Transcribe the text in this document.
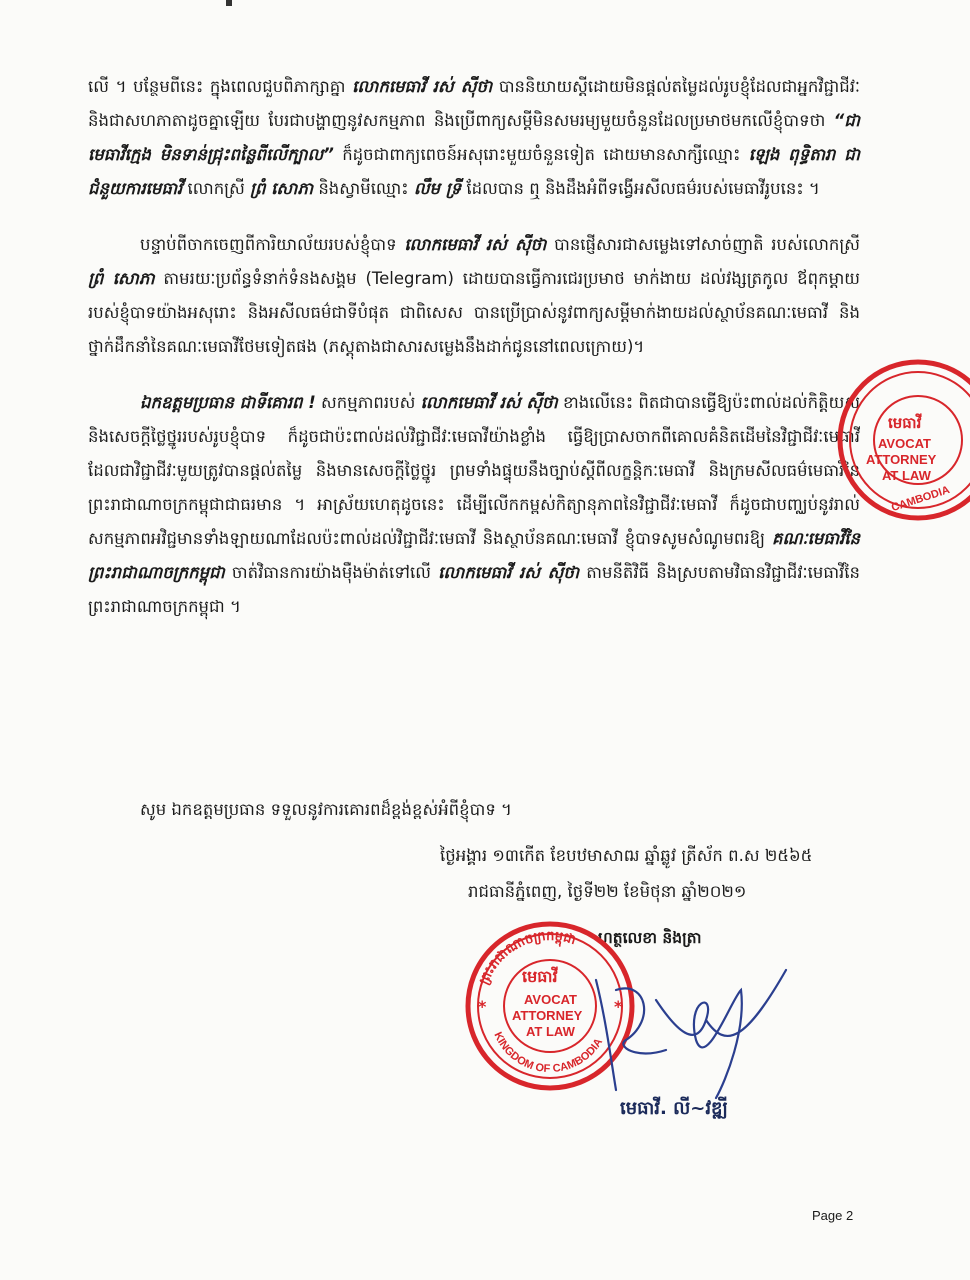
លើ ។ បន្ថែមពីនេះ ក្នុងពេលជួបពិភាក្សាគ្នា លោកមេធាវី រស់ ស៊ីថា បាននិយាយស្តីដោយមិនផ្តល់តម្លៃដល់រូបខ្ញុំដែលជាអ្នកវិជ្ជាជីវៈ និងជាសហភាតាដូចគ្នាឡើយ បែរជាបង្ហាញនូវសកម្មភាព និងប្រើពាក្យសម្តីមិនសមរម្យមួយចំនួនដែលប្រមាថមកលើខ្ញុំបាទថា “ជាមេធាវីក្មេង មិនទាន់ជ្រុះពន្លៃពីលើក្បាល” ក៏ដូចជាពាក្យពេចន៍អសុរោះមួយចំនួនទៀត ដោយមានសាក្សីឈ្មោះ ឡេង ពុទ្ធិតារា ជាជំនួយការមេធាវី លោកស្រី ព្រំ សោភា និងស្វាមីឈ្មោះ លឹម ទ្រី ដែលបាន ឮ និងដឹងអំពីទង្វើអសីលធម៌របស់មេធាវីរូបនេះ ។
បន្ទាប់ពីចាកចេញពីការិយាល័យរបស់ខ្ញុំបាទ លោកមេធាវី រស់ ស៊ីថា បានផ្ញើសារជាសម្លេងទៅសាច់ញាតិ របស់លោកស្រី ព្រំ សោភា តាមរយៈប្រព័ន្ធទំនាក់ទំនងសង្គម (Telegram) ដោយបានធ្វើការជេរប្រមាថ មាក់ងាយ ដល់វង្សត្រកូល ឪពុកម្តាយរបស់ខ្ញុំបាទយ៉ាងអសុរោះ និងអសីលធម៌ជាទីបំផុត ជាពិសេស បានប្រើប្រាស់នូវពាក្យសម្តីមាក់ងាយដល់ស្ថាប័នគណៈមេធាវី និងថ្នាក់ដឹកនាំនៃគណៈមេធាវីថែមទៀតផង (ភស្តុតាងជាសារសម្លេងនឹងដាក់ជូននៅពេលក្រោយ)។
ឯកឧត្តមប្រធាន ជាទីគោរព ! សកម្មភាពរបស់ លោកមេធាវី រស់ ស៊ីថា ខាងលើនេះ ពិតជាបានធ្វើឱ្យប៉ះពាល់ដល់កិត្តិយស និងសេចក្តីថ្លៃថ្នូររបស់រូបខ្ញុំបាទ ក៏ដូចជាប៉ះពាល់ដល់វិជ្ជាជីវៈមេធាវីយ៉ាងខ្លាំង ធ្វើឱ្យប្រាសចាកពីគោលគំនិតដើមនៃវិជ្ជាជីវៈមេធាវី ដែលជាវិជ្ជាជីវៈមួយត្រូវបានផ្តល់តម្លៃ និងមានសេចក្តីថ្លៃថ្នូរ ព្រមទាំងផ្ទុយនឹងច្បាប់ស្តីពីលក្ខន្តិកៈមេធាវី និងក្រមសីលធម៌មេធាវីនៃព្រះរាជាណាចក្រកម្ពុជាជាធរមាន ។ អាស្រ័យហេតុដូចនេះ ដើម្បីលើកកម្ពស់កិត្យានុភាពនៃវិជ្ជាជីវៈមេធាវី ក៏ដូចជាបញ្ឈប់នូវរាល់សកម្មភាពអវិជ្ជមានទាំងឡាយណាដែលប៉ះពាល់ដល់វិជ្ជាជីវៈមេធាវី និងស្ថាប័នគណៈមេធាវី ខ្ញុំបាទសូមសំណូមពរឱ្យ គណៈមេធាវីនៃព្រះរាជាណាចក្រកម្ពុជា ចាត់វិធានការយ៉ាងម៉ឺងម៉ាត់ទៅលើ លោកមេធាវី រស់ ស៊ីថា តាមនីតិវិធី និងស្របតាមវិធានវិជ្ជាជីវៈមេធាវីនៃព្រះរាជាណាចក្រកម្ពុជា ។
សូម ឯកឧត្តមប្រធាន ទទួលនូវការគោរពដ៏ខ្ពង់ខ្ពស់អំពីខ្ញុំបាទ ។
ថ្ងៃអង្គារ ១៣កើត ខែបឋមាសាឍ ឆ្នាំឆ្លូវ ត្រីស័ក ព.ស ២៥៦៥
រាជធានីភ្នំពេញ, ថ្ងៃទី២២ ខែមិថុនា ឆ្នាំ២០២១
ហត្ថលេខា និងត្រា
មេធាវី
AVOCAT
ATTORNEY
AT LAW
CAMBODIA
ព្រះរាជាណាចក្រកម្ពុជា
KINGDOM OF CAMBODIA
មេធាវី
AVOCAT
ATTORNEY
AT LAW
*	*
មេធាវី. លី~វឌ្ឍី
Page 2
